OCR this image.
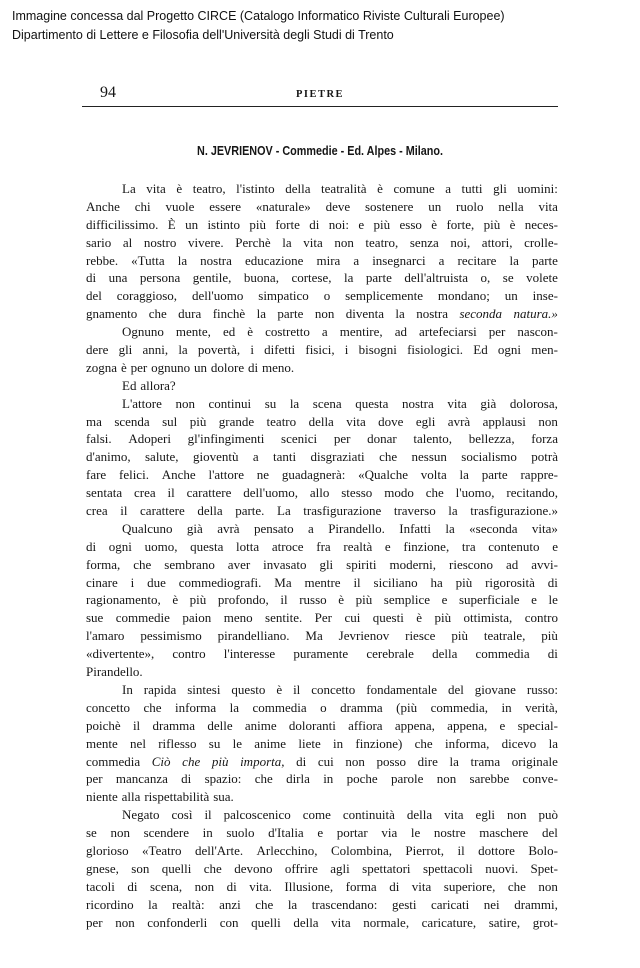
Immagine concessa dal Progetto CIRCE (Catalogo Informatico Riviste Culturali Europee)
Dipartimento di Lettere e Filosofia dell'Università degli Studi di Trento
94	PIETRE
N. JEVRIENOV - Commedie - Ed. Alpes - Milano.
La vita è teatro, l'istinto della teatralità è comune a tutti gli uomini:
Anche chi vuole essere «naturale» deve sostenere un ruolo nella vita
difficilissimo. È un istinto più forte di noi: e più esso è forte, più è neces-
sario al nostro vivere. Perchè la vita non teatro, senza noi, attori, crolle-
rebbe. «Tutta la nostra educazione mira a insegnarci a recitare la parte
di una persona gentile, buona, cortese, la parte dell'altruista o, se volete
del coraggioso, dell'uomo simpatico o semplicemente mondano; un inse-
gnamento che dura finchè la parte non diventa la nostra seconda natura.»
Ognuno mente, ed è costretto a mentire, ad artefeciarsi per nascon-
dere gli anni, la povertà, i difetti fisici, i bisogni fisiologici. Ed ogni men-
zogna è per ognuno un dolore di meno.
Ed allora?
L'attore non continui su la scena questa nostra vita già dolorosa,
ma scenda sul più grande teatro della vita dove egli avrà applausi non
falsi. Adoperi gl'infingimenti scenici per donar talento, bellezza, forza
d'animo, salute, gioventù a tanti disgraziati che nessun socialismo potrà
fare felici. Anche l'attore ne guadagnerà: «Qualche volta la parte rappre-
sentata crea il carattere dell'uomo, allo stesso modo che l'uomo, recitando,
crea il carattere della parte. La trasfigurazione traverso la trasfigurazione.»
Qualcuno già avrà pensato a Pirandello. Infatti la «seconda vita»
di ogni uomo, questa lotta atroce fra realtà e finzione, tra contenuto e
forma, che sembrano aver invasato gli spiriti moderni, riescono ad avvi-
cinare i due commediografi. Ma mentre il siciliano ha più rigorosità di
ragionamento, è più profondo, il russo è più semplice e superficiale e le
sue commedie paion meno sentite. Per cui questi è più ottimista, contro
l'amaro pessimismo pirandelliano. Ma Jevrienov riesce più teatrale, più
«divertente», contro l'interesse puramente cerebrale della commedia di
Pirandello.
In rapida sintesi questo è il concetto fondamentale del giovane russo:
concetto che informa la commedia o dramma (più commedia, in verità,
poichè il dramma delle anime doloranti affiora appena, appena, e special-
mente nel riflesso su le anime liete in finzione) che informa, dicevo la
commedia Ciò che più importa, di cui non posso dire la trama originale
per mancanza di spazio: che dirla in poche parole non sarebbe conve-
niente alla rispettabilità sua.
Negato così il palcoscenico come continuità della vita egli non può
se non scendere in suolo d'Italia e portar via le nostre maschere del
glorioso «Teatro dell'Arte. Arlecchino, Colombina, Pierrot, il dottore Bolo-
gnese, son quelli che devono offrire agli spettatori spettacoli nuovi. Spet-
tacoli di scena, non di vita. Illusione, forma di vita superiore, che non
ricordino la realtà: anzi che la trascendano: gesti caricati nei drammi,
per non confonderli con quelli della vita normale, caricature, satire, grot-
